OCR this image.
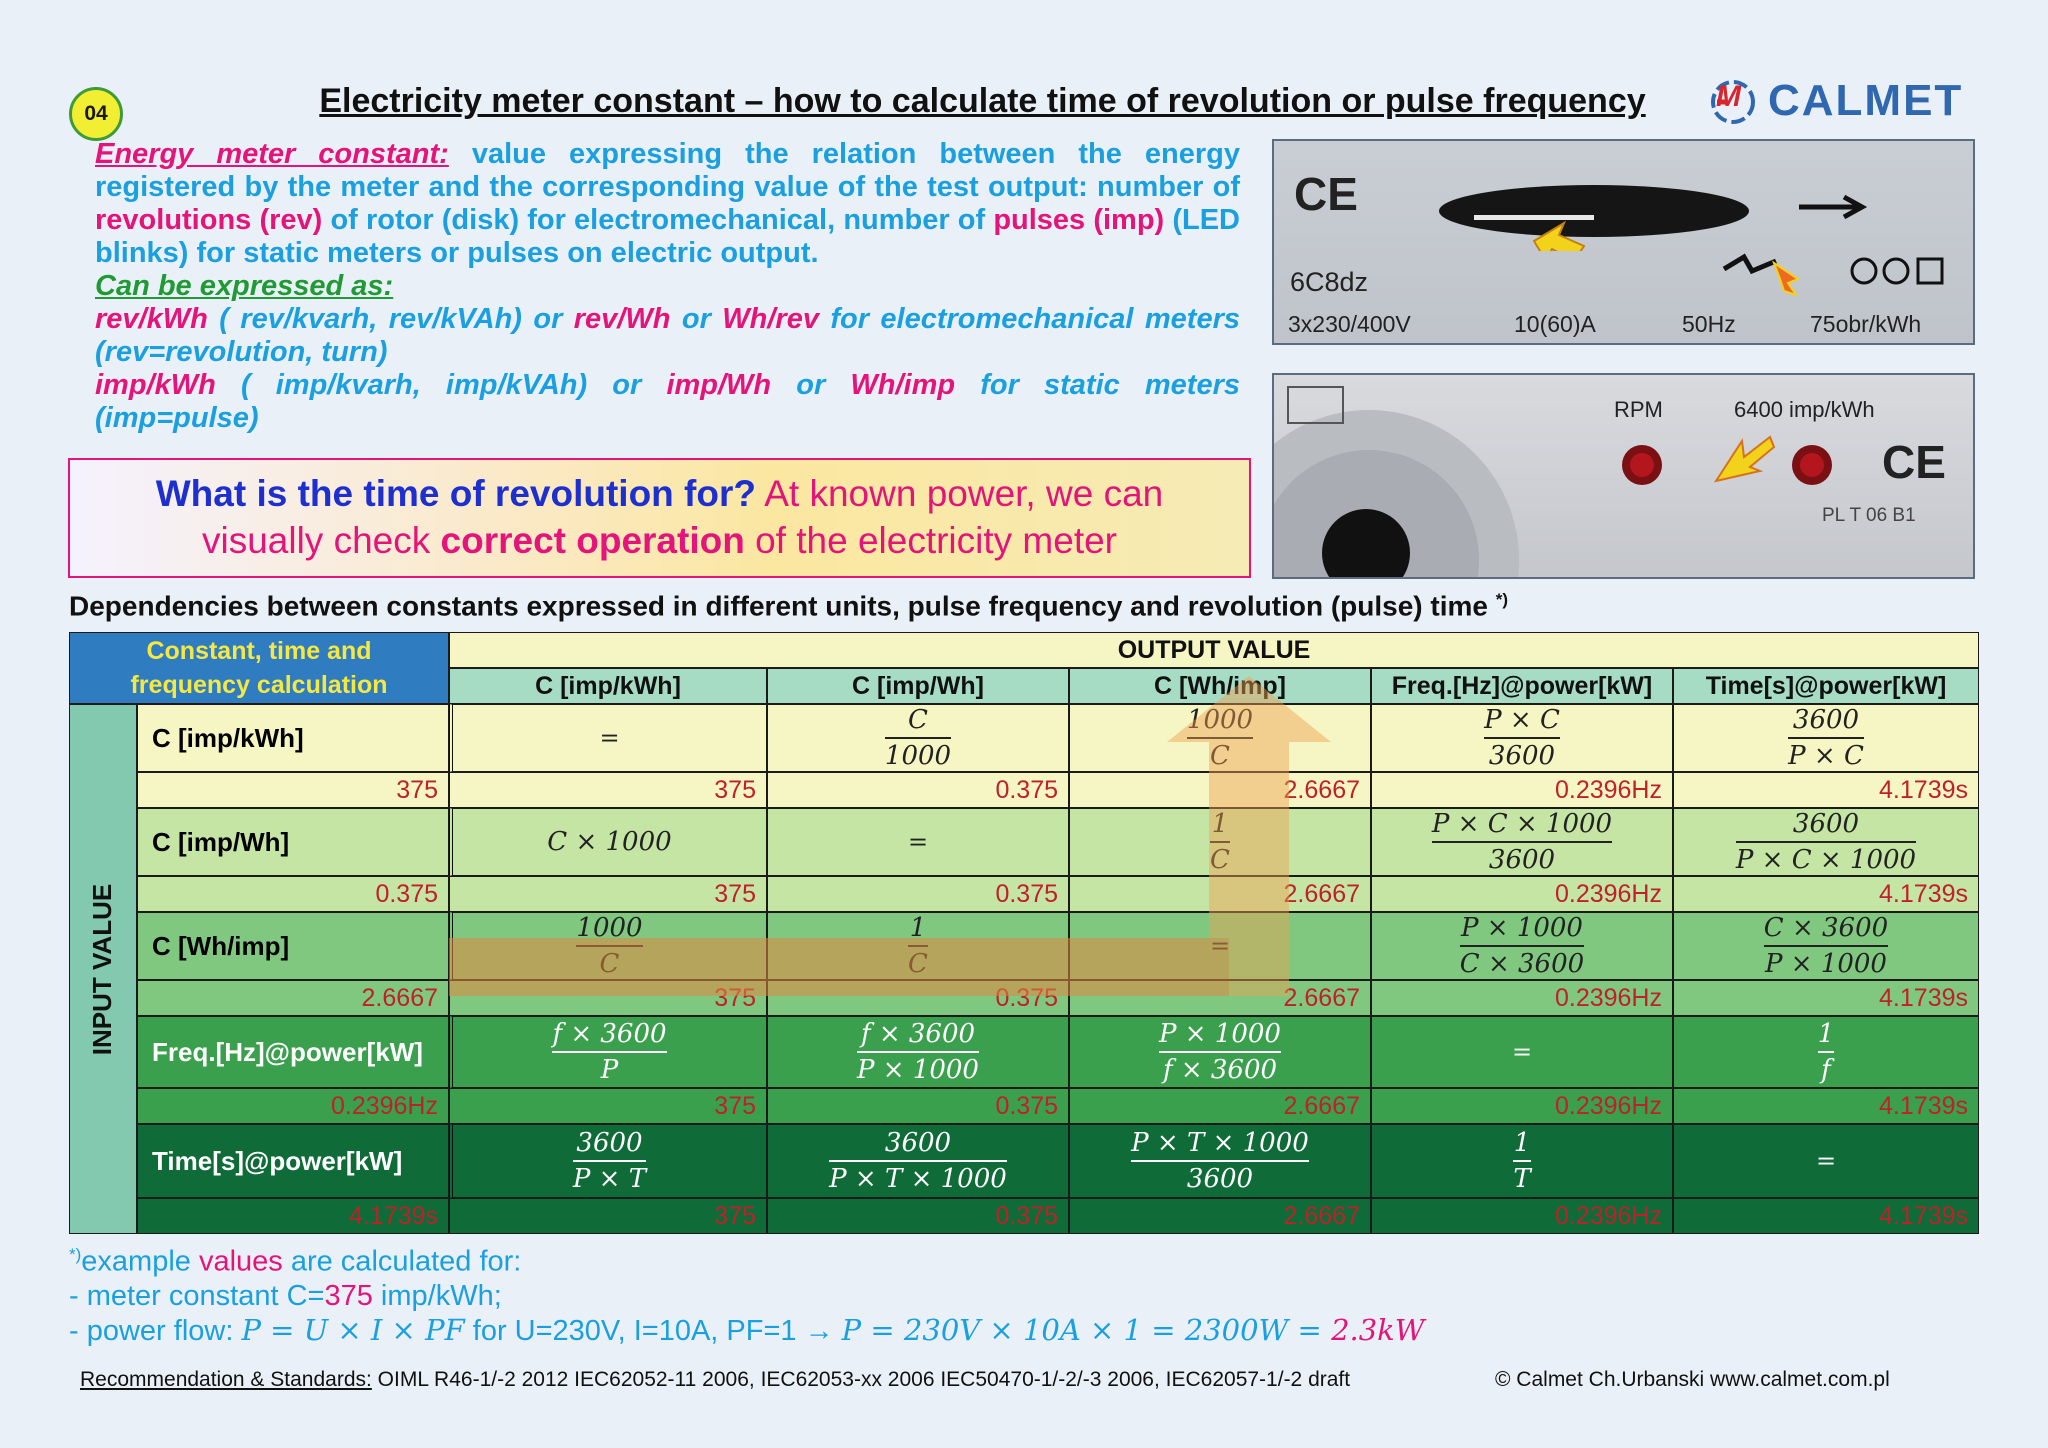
04	Electricity meter constant – how to calculate time of revolution or pulse frequency	M CALMET
Energy meter constant: value expressing the relation between the energy registered by the meter and the corresponding value of the test output: number of revolutions (rev) of rotor (disk) for electromechanical, number of pulses (imp) (LED blinks) for static meters or pulses on electric output.
Can be expressed as:
rev/kWh ( rev/kvarh, rev/kVAh) or rev/Wh or Wh/rev for electromechanical meters (rev=revolution, turn)
imp/kWh ( imp/kvarh, imp/kVAh) or imp/Wh or Wh/imp for static meters (imp=pulse)
What is the time of revolution for? At known power, we can
visually check correct operation of the electricity meter
CE
6C8dz
3x230/400V	10(60)A	50Hz	75obr/kWh
RPM	6400 imp/kWh
CE
PL T 06 B1
Dependencies between constants expressed in different units, pulse frequency and revolution (pulse) time *)
Constant, time and
frequency calculation
OUTPUT VALUE
C [imp/kWh]	C [imp/Wh]	C [Wh/imp]	Freq.[Hz]@power[kW]	Time[s]@power[kW]
INPUT VALUE
C [imp/kWh]	=	$\frac{C}{1000}$	$\frac{1000}{C}$	$\frac{P \times C}{3600}$	$\frac{3600}{P \times C}$
375	375	0.375	2.6667	0.2396Hz	4.1739s
C [imp/Wh]	C × 1000	=	$\frac{1}{C}$	$\frac{P \times C \times 1000}{3600}$	$\frac{3600}{P \times C \times 1000}$
0.375	375	0.375	2.6667	0.2396Hz	4.1739s
C [Wh/imp]	$\frac{1000}{C}$	$\frac{1}{C}$	=	$\frac{P \times 1000}{C \times 3600}$	$\frac{C \times 3600}{P \times 1000}$
2.6667	375	0.375	2.6667	0.2396Hz	4.1739s
Freq.[Hz]@power[kW]	$\frac{f \times 3600}{P}$	$\frac{f \times 3600}{P \times 1000}$	$\frac{P \times 1000}{f \times 3600}$	=	$\frac{1}{f}$
0.2396Hz	375	0.375	2.6667	0.2396Hz	4.1739s
Time[s]@power[kW]	$\frac{3600}{P \times T}$	$\frac{3600}{P \times T \times 1000}$	$\frac{P \times T \times 1000}{3600}$	$\frac{1}{T}$	=
4.1739s	375	0.375	2.6667	0.2396Hz	4.1739s
*)example values are calculated for:
- meter constant C=375 imp/kWh;
- power flow: P = U × I × PF for U=230V, I=10A, PF=1 → P = 230V × 10A × 1 = 2300W = 2.3kW
Recommendation & Standards: OIML R46-1/-2 2012 IEC62052-11 2006, IEC62053-xx 2006 IEC50470-1/-2/-3 2006, IEC62057-1/-2 draft	© Calmet Ch.Urbanski www.calmet.com.pl
